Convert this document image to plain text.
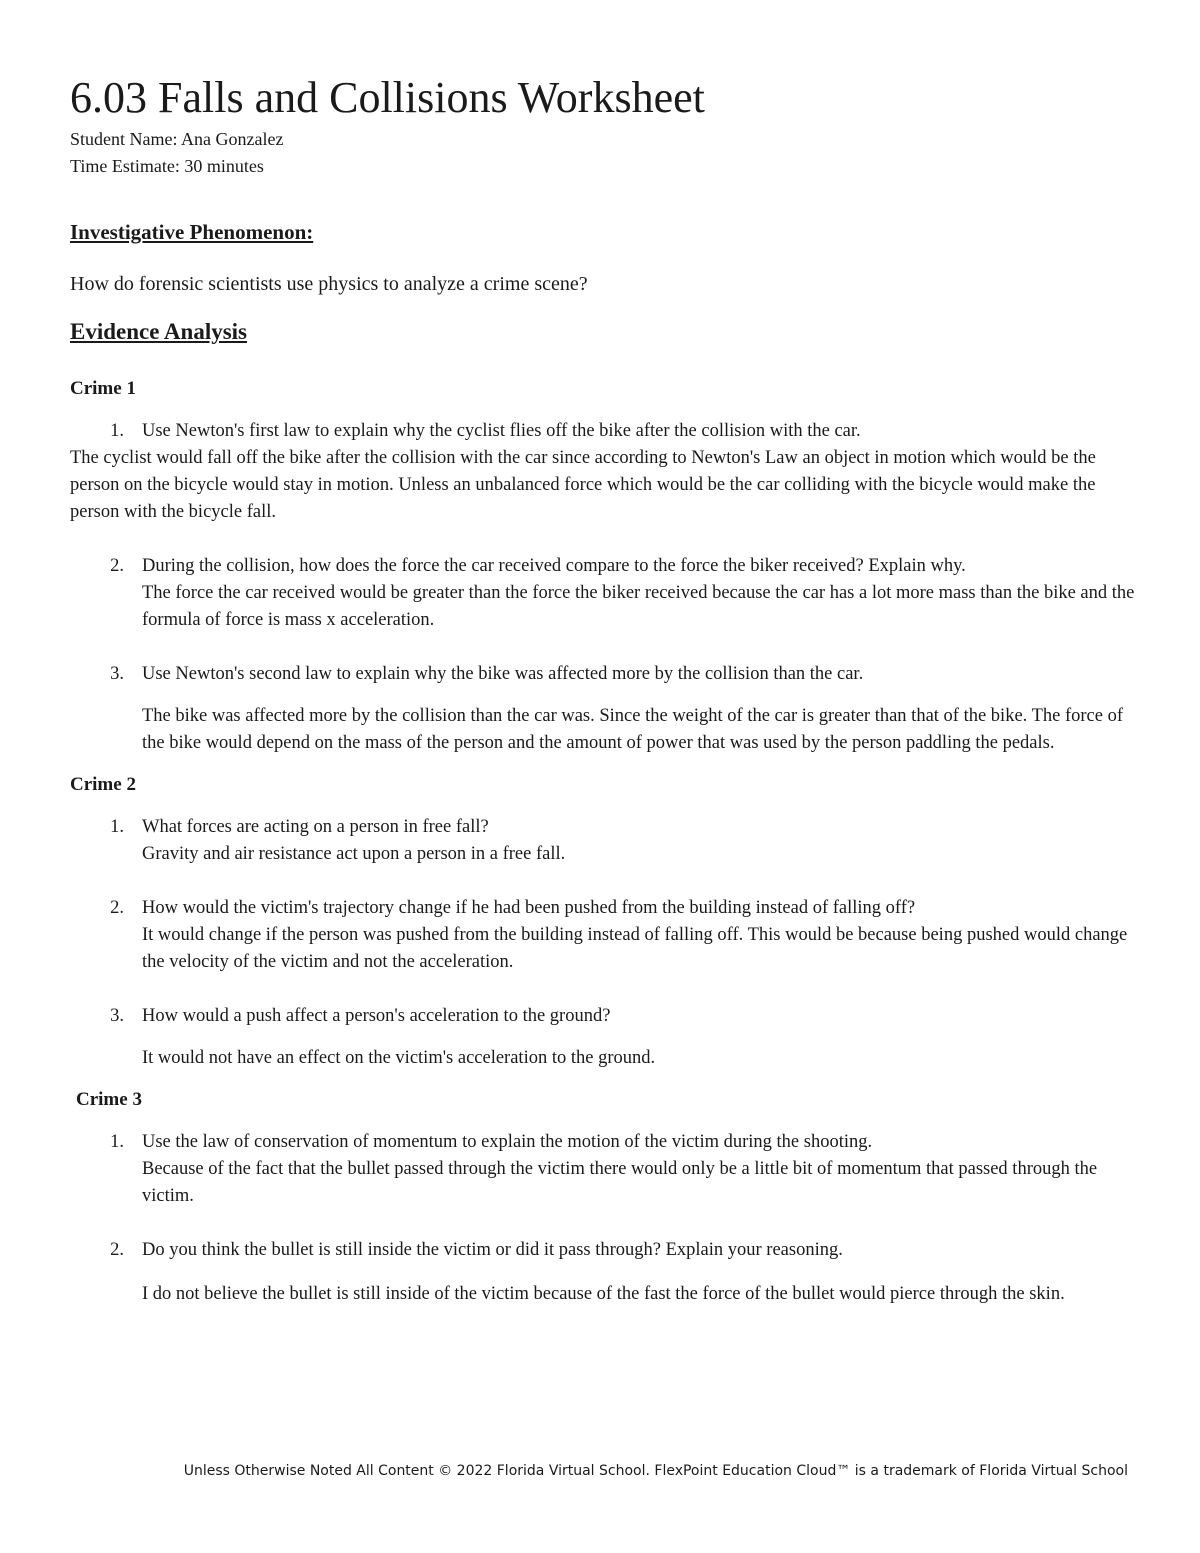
6.03 Falls and Collisions Worksheet
Student Name: Ana Gonzalez
Time Estimate: 30 minutes
Investigative Phenomenon:
How do forensic scientists use physics to analyze a crime scene?
Evidence Analysis
Crime 1
1. Use Newton's first law to explain why the cyclist flies off the bike after the collision with the car.
The cyclist would fall off the bike after the collision with the car since according to Newton's Law an object in motion which would be the person on the bicycle would stay in motion. Unless an unbalanced force which would be the car colliding with the bicycle would make the person with the bicycle fall.
2. During the collision, how does the force the car received compare to the force the biker received? Explain why.
The force the car received would be greater than the force the biker received because the car has a lot more mass than the bike and the formula of force is mass x acceleration.
3. Use Newton's second law to explain why the bike was affected more by the collision than the car.
The bike was affected more by the collision than the car was. Since the weight of the car is greater than that of the bike. The force of the bike would depend on the mass of the person and the amount of power that was used by the person paddling the pedals.
Crime 2
1. What forces are acting on a person in free fall?
Gravity and air resistance act upon a person in a free fall.
2. How would the victim's trajectory change if he had been pushed from the building instead of falling off?
It would change if the person was pushed from the building instead of falling off. This would be because being pushed would change the velocity of the victim and not the acceleration.
3. How would a push affect a person's acceleration to the ground?
It would not have an effect on the victim's acceleration to the ground.
Crime 3
1. Use the law of conservation of momentum to explain the motion of the victim during the shooting.
Because of the fact that the bullet passed through the victim there would only be a little bit of momentum that passed through the victim.
2. Do you think the bullet is still inside the victim or did it pass through? Explain your reasoning.
I do not believe the bullet is still inside of the victim because of the fast the force of the bullet would pierce through the skin.
Unless Otherwise Noted All Content © 2022 Florida Virtual School. FlexPoint Education Cloud™ is a trademark of Florida Virtual School
